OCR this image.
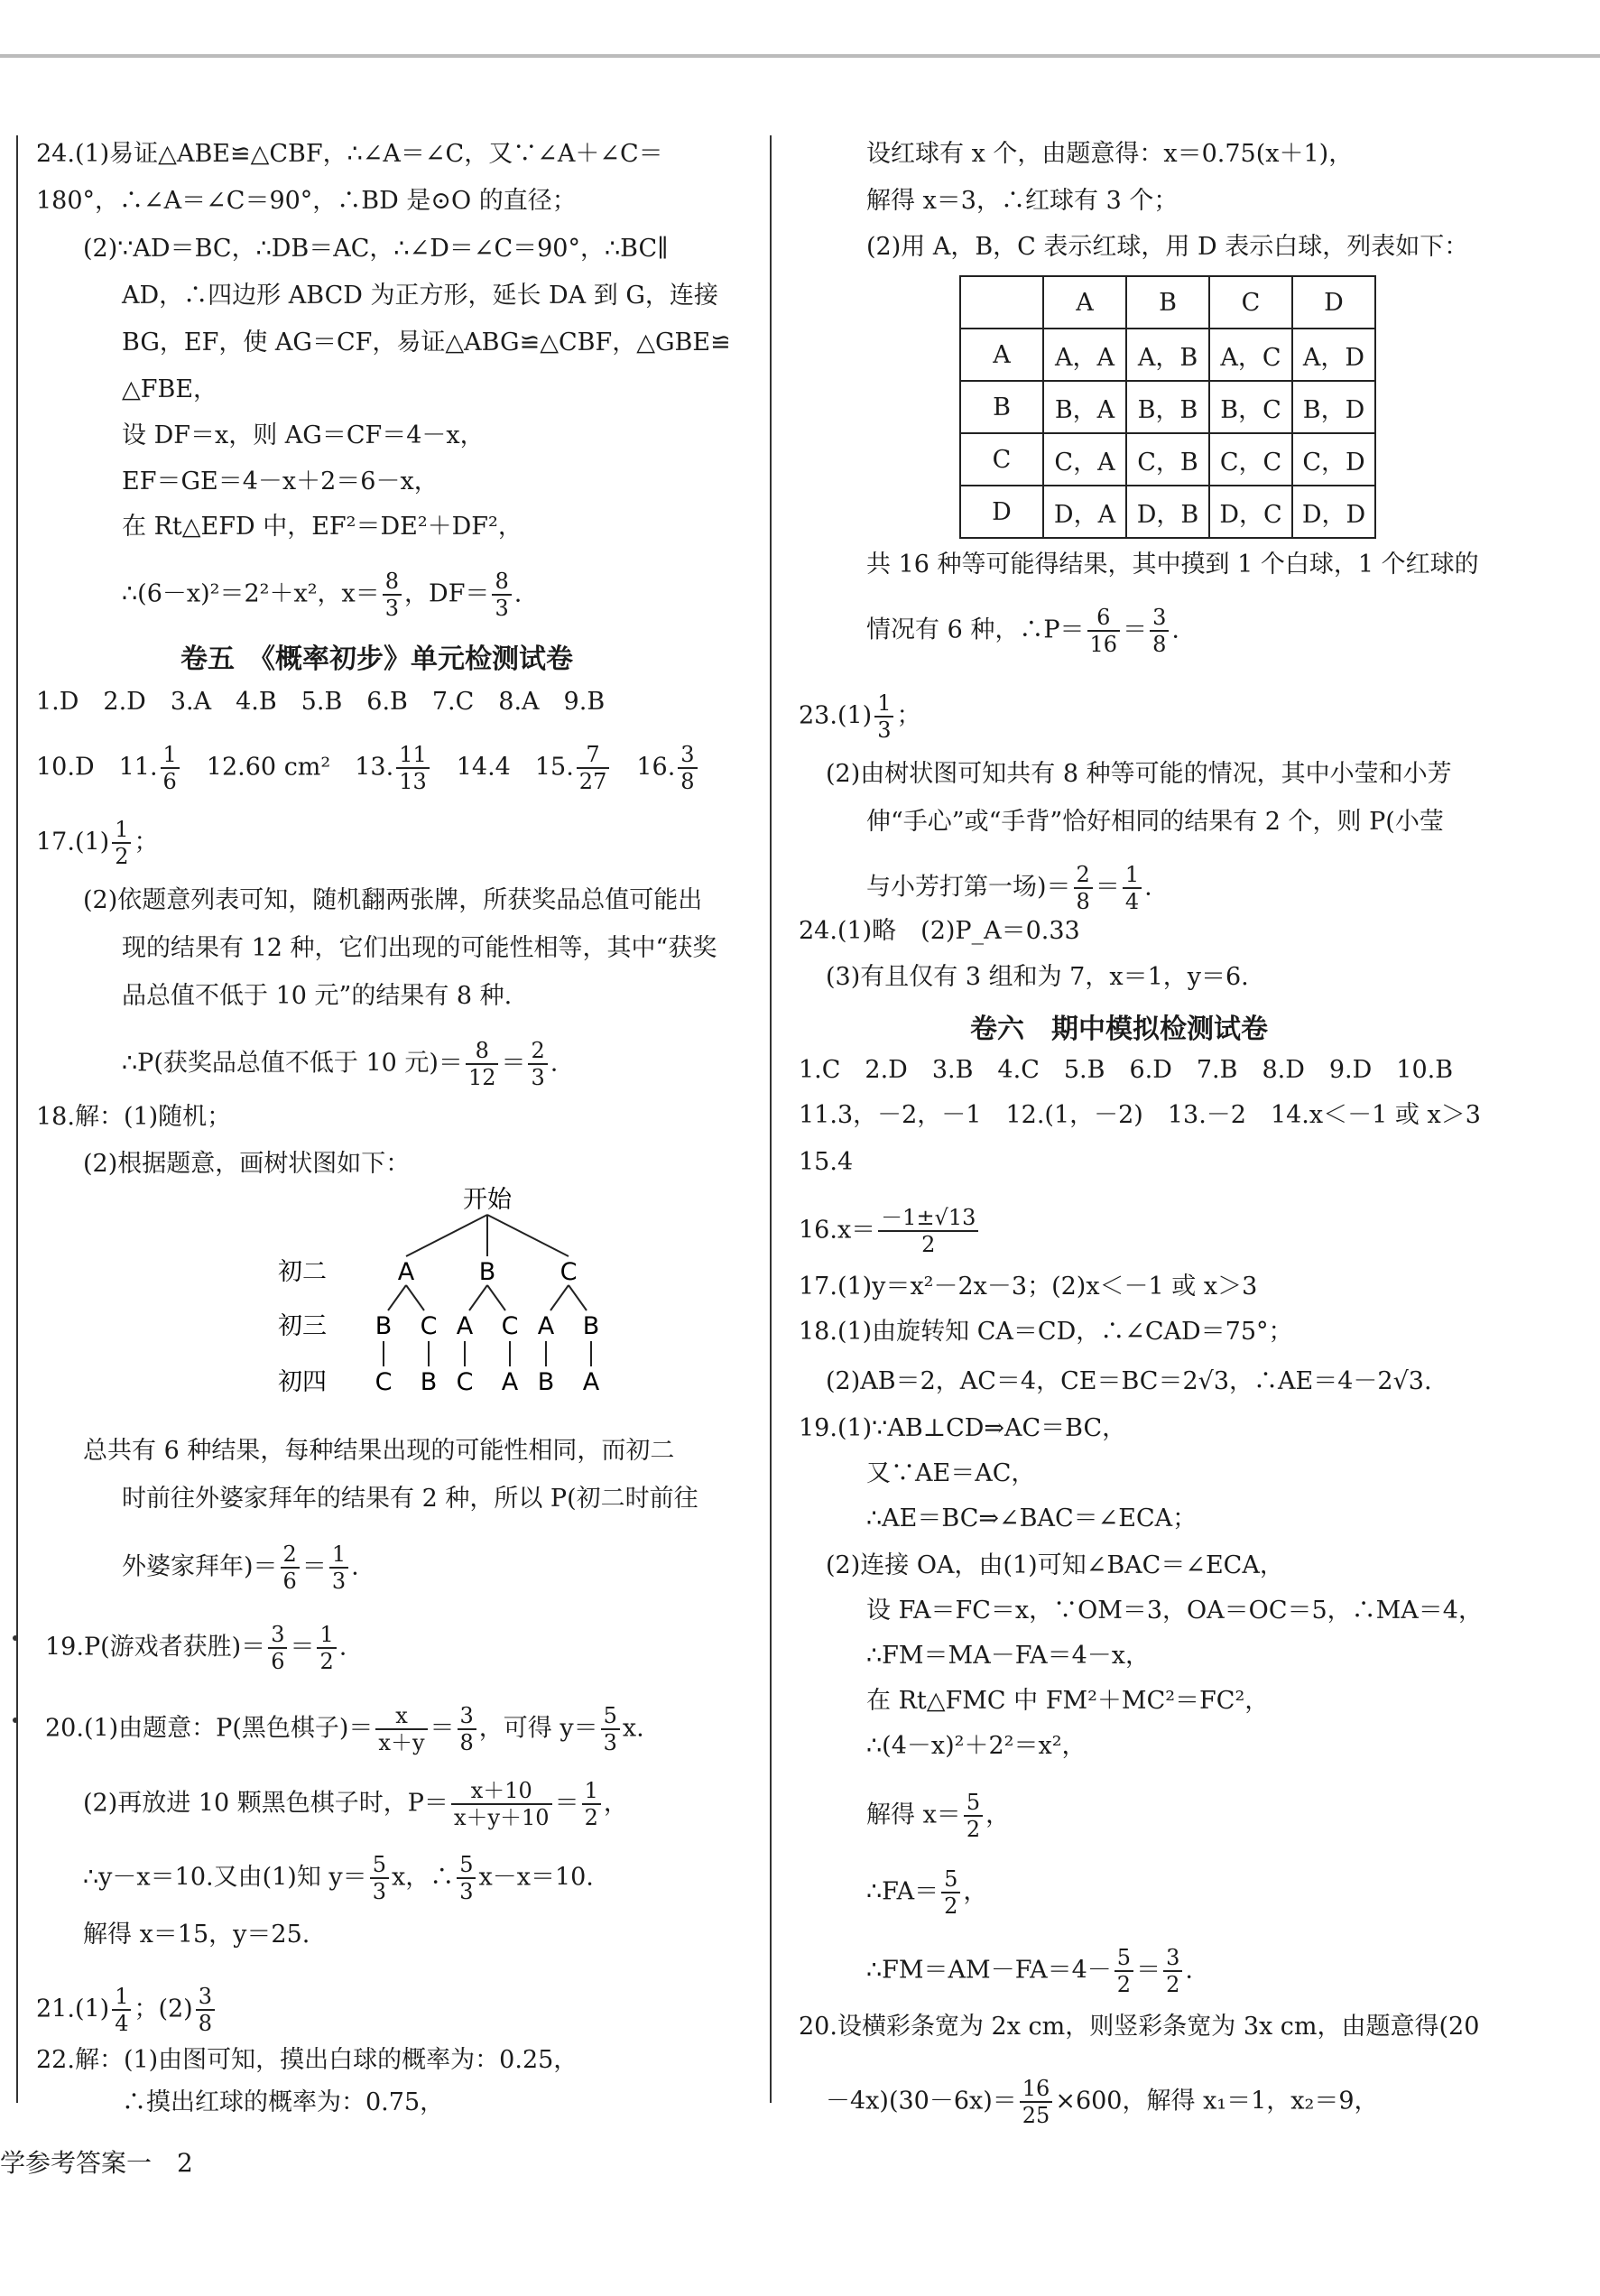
24.(1)易证△ABE≌△CBF，∴∠A＝∠C，又∵∠A＋∠C＝
180°，∴∠A＝∠C＝90°，∴BD 是⊙O 的直径；
(2)∵AD＝BC，∴DB＝AC，∴∠D＝∠C＝90°，∴BC∥
AD，∴四边形 ABCD 为正方形，延长 DA 到 G，连接
BG，EF，使 AG＝CF，易证△ABG≌△CBF，△GBE≌
△FBE，
设 DF＝x，则 AG＝CF＝4－x，
EF＝GE＝4－x＋2＝6－x，
在 Rt△EFD 中，EF²＝DE²＋DF²，
∴(6－x)²＝2²＋x²，$x= \frac{8}{3}$ ，$DF= \frac{8}{3}$ .
卷五　《概率初步》单元检测试卷
1.D　2.D　3.A　4.B　5.B　6.B　7.C　8.A　9.B
10.D　11. $\frac{1}{6}$ 　12.60 cm²　13. $\frac{11}{13}$ 　14.4　15. $\frac{7}{27}$ 　16. $\frac{3}{8}$
$17.(1) \frac{1}{2}$ ；
(2)依题意列表可知，随机翻两张牌，所获奖品总值可能出
现的结果有 12 种，它们出现的可能性相等，其中“获奖
品总值不低于 10 元”的结果有 8 种.
∴P(获奖品总值不低于 10 元)＝ $\frac{8}{12} = \frac{2}{3}$ .
18.解：(1)随机；
(2)根据题意，画树状图如下：
开始
初二	A	B	C
初三 B C A C A B
初四 C B C A B A
总共有 6 种结果，每种结果出现的可能性相同，而初二
时前往外婆家拜年的结果有 2 种，所以 P(初二时前往
外婆家拜年)＝ $\frac{2}{6} = \frac{1}{3}$ .
19.P(游戏者获胜)＝ $\frac{3}{6} = \frac{1}{2}$ .
20.(1)由题意：P(黑色棋子)＝ $\frac{x}{x+y} = \frac{3}{8}$ ，可得 $y= \frac{5}{3} x$.
(2)再放进 10 颗黑色棋子时，$P= \frac{x+10}{x+y+10} = \frac{1}{2}$ ，
∴y－x＝10.又由(1)知 $y= \frac{5}{3}$ x，∴ $\frac{5}{3} x-x=10$.
解得 x＝15，y＝25.
$21.(1) \frac{1}{4}$ ；$(2) \frac{3}{8}$
22.解：(1)由图可知，摸出白球的概率为：0.25，
∴摸出红球的概率为：0.75，
设红球有 x 个，由题意得：x＝0.75(x＋1)，
解得 x＝3，∴红球有 3 个；
(2)用 A，B，C 表示红球，用 D 表示白球，列表如下：
	A	B	C	D
A	A，A	A，B	A，C	A，D
B	B，A	B，B	B，C	B，D
C	C，A	C，B	C，C	C，D
D	D，A	D，B	D，C	D，D
共 16 种等可能得结果，其中摸到 1 个白球，1 个红球的
情况有 6 种，∴P＝ $\frac{6}{16} = \frac{3}{8}$ .
$23.(1) \frac{1}{3}$ ；
(2)由树状图可知共有 8 种等可能的情况，其中小莹和小芳
伸“手心”或“手背”恰好相同的结果有 2 个，则 P(小莹
与小芳打第一场)＝ $\frac{2}{8} = \frac{1}{4}$ .
24.(1)略　(2)P_A＝0.33
(3)有且仅有 3 组和为 7，x＝1，y＝6.
卷六　期中模拟检测试卷
1.C　2.D　3.B　4.C　5.B　6.D　7.B　8.D　9.D　10.B
11.3，－2，－1　12.(1，－2)　13.－2　14.x＜－1 或 x＞3
15.4
$16.x= \frac{-1\pm√13}{2}$
17.(1)y＝x²－2x－3；(2)x＜－1 或 x＞3
18.(1)由旋转知 CA＝CD，∴∠CAD＝75°；
(2)AB＝2，AC＝4，CE＝BC＝2√3，∴AE＝4－2√3.
19.(1)∵AB⊥CD⇒AC＝BC，
又∵AE＝AC，
∴AE＝BC⇒∠BAC＝∠ECA；
(2)连接 OA，由(1)可知∠BAC＝∠ECA，
设 FA＝FC＝x，∵OM＝3，OA＝OC＝5，∴MA＝4，
∴FM＝MA－FA＝4－x，
在 Rt△FMC 中 FM²＋MC²＝FC²，
∴(4－x)²＋2²＝x²，
解得 $x= \frac{5}{2}$ ，
∴FA＝ $\frac{5}{2}$ ，
∴FM＝AM－FA＝4－ $\frac{5}{2} = \frac{3}{2}$ .
20.设横彩条宽为 2x cm，则竖彩条宽为 3x cm，由题意得(20
$-4x)(30-6x)= \frac{16}{25} \times 600$，解得 x₁＝1，x₂＝9，
学参考答案一　2
